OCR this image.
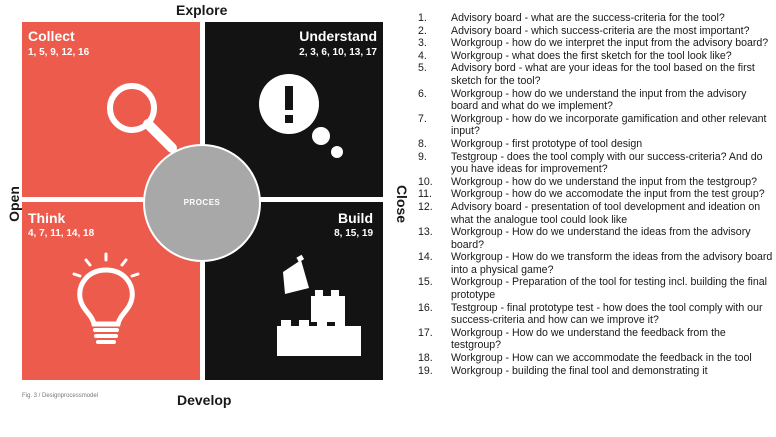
Explore
Develop
Open	Close
Collect
1, 5, 9, 12, 16
Understand
2, 3, 6, 10, 13, 17
Think
4, 7, 11, 14, 18
Build
8, 15, 19
PROCES
Fig. 3 / Designprocessmodel
1.	Advisory board - what are the success-criteria for the tool?
2.	Advisory board - which success-criteria are the most important?
3.	Workgroup - how do we interpret the input from the advisory board?
4.	Workgroup - what does the first sketch for the tool look like?
5.	Advisory bord - what are your ideas for the tool based on the first sketch for the tool?
6.	Workgroup - how do we understand the input from the advisory board and what do we implement?
7.	Workgroup - how do we incorporate gamification and other relevant input?
8.	Workgroup - first prototype of tool design
9.	Testgroup - does the tool comply with our success-criteria? And do you have ideas for improvement?
10.	Workgroup - how do we understand the input from the testgroup?
11.	Workgroup - how do we accomodate the input from the test group?
12.	Advisory board - presentation of tool development and ideation on what the analogue tool could look like
13.	Workgroup - How do we understand the ideas from the advisory board?
14.	Workgroup - How do we transform the ideas from the advisory board into a physical game?
15.	Workgroup - Preparation of the tool for testing incl. building the final prototype
16.	Testgroup - final prototype test - how does the tool comply with our success-criteria and how can we improve it?
17.	Workgroup - How do we understand the feedback from the testgroup?
18.	Workgroup - How can we accommodate the feedback in the tool
19.	Workgroup - building the final tool and demonstrating it
